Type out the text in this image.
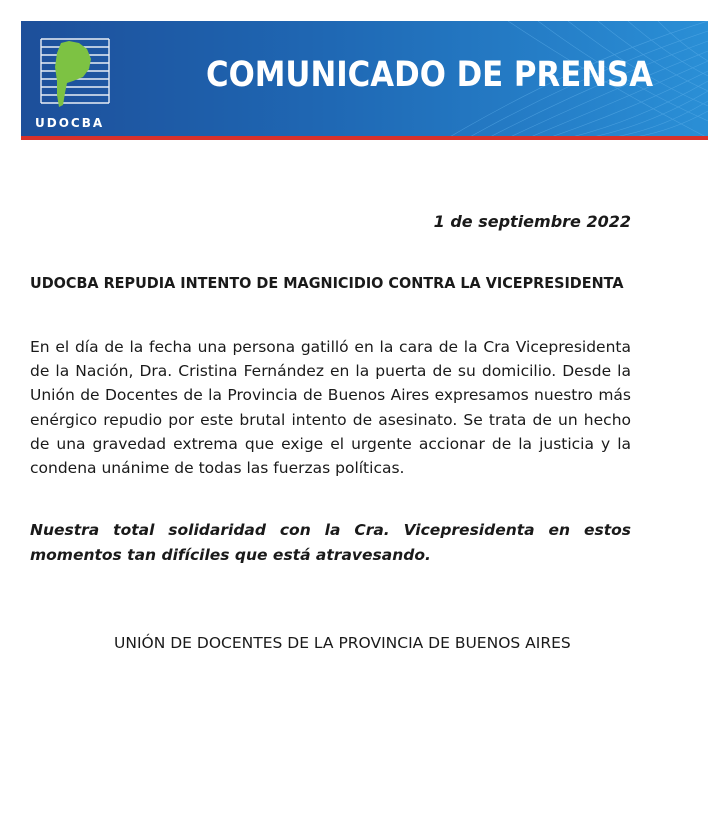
UDOCBA
COMUNICADO DE PRENSA
1 de septiembre 2022
UDOCBA REPUDIA INTENTO DE MAGNICIDIO CONTRA LA VICEPRESIDENTA
En el día de la fecha una persona gatilló en la cara de la Cra Vicepresidenta de la Nación, Dra. Cristina Fernández en la puerta de su domicilio. Desde la Unión de Docentes de la Provincia de Buenos Aires expresamos nuestro más enérgico repudio por este brutal intento de asesinato. Se trata de un hecho de una gravedad extrema que exige el urgente accionar de la justicia y la condena unánime de todas las fuerzas políticas.
Nuestra total solidaridad con la Cra. Vicepresidenta en estos momentos tan difíciles que está atravesando.
UNIÓN DE DOCENTES DE LA PROVINCIA DE BUENOS AIRES
